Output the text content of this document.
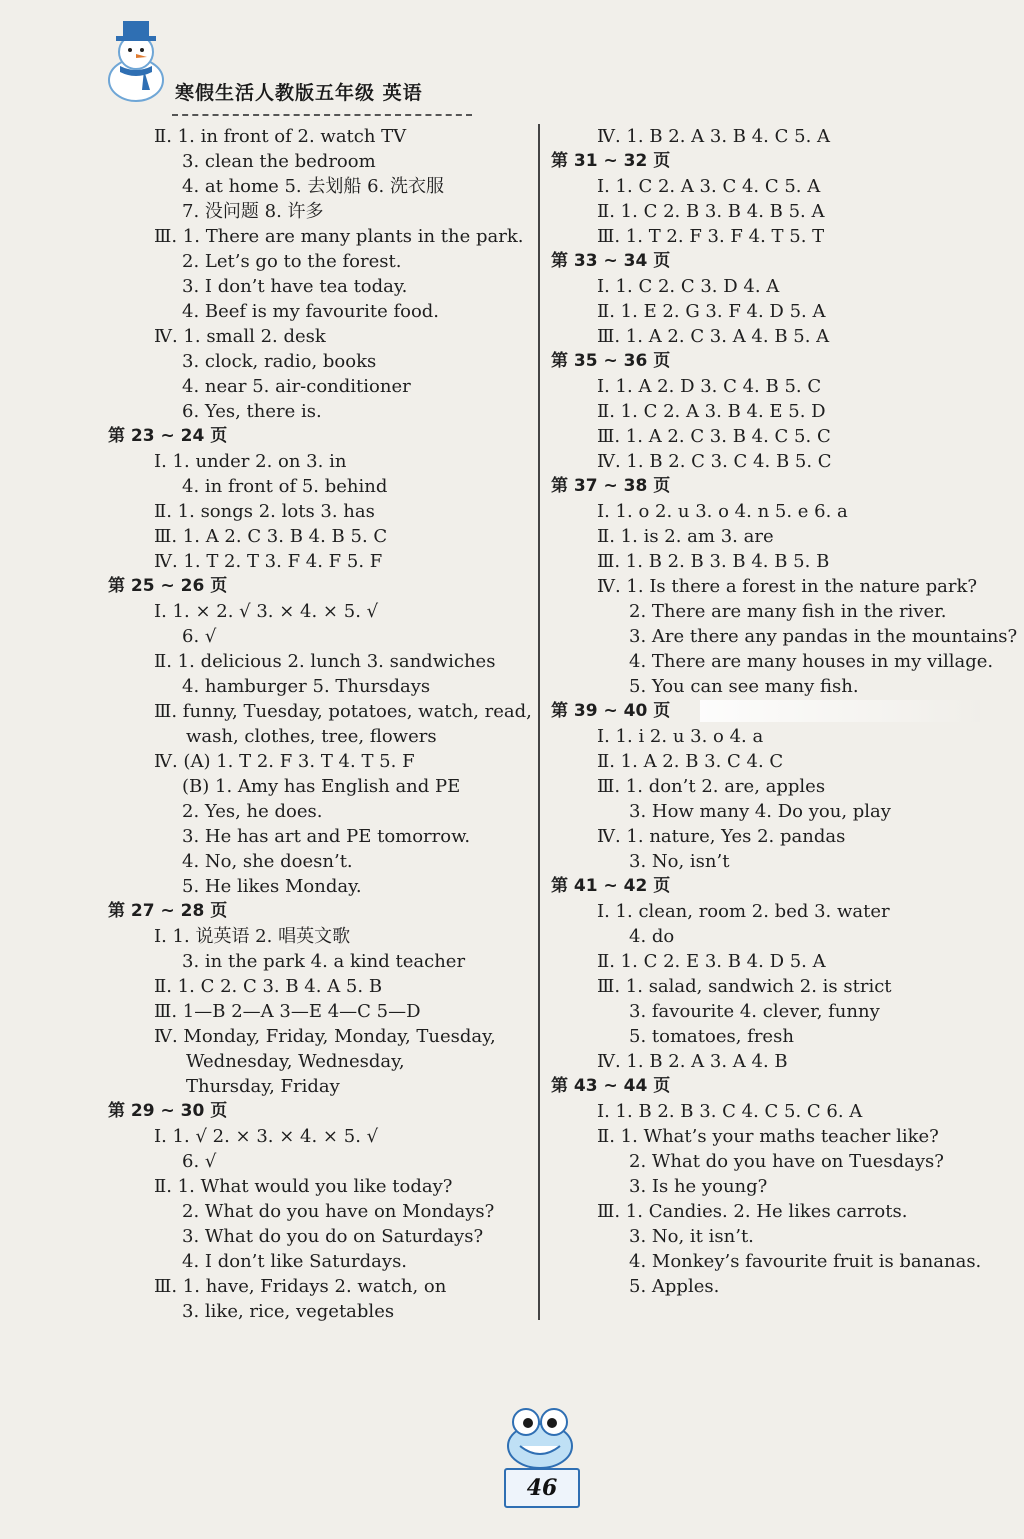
寒假生活人教版五年级 英语
Ⅱ. 1. in front of 2. watch TV
3. clean the bedroom
4. at home 5. 去划船 6. 洗衣服
7. 没问题 8. 许多
Ⅲ. 1. There are many plants in the park.
2. Let’s go to the forest.
3. I don’t have tea today.
4. Beef is my favourite food.
Ⅳ. 1. small 2. desk
3. clock, radio, books
4. near 5. air-conditioner
6. Yes, there is.
第 23 ~ 24 页
Ⅰ. 1. under 2. on 3. in
4. in front of 5. behind
Ⅱ. 1. songs 2. lots 3. has
Ⅲ. 1. A 2. C 3. B 4. B 5. C
Ⅳ. 1. T 2. T 3. F 4. F 5. F
第 25 ~ 26 页
Ⅰ. 1. × 2. √ 3. × 4. × 5. √
6. √
Ⅱ. 1. delicious 2. lunch 3. sandwiches
4. hamburger 5. Thursdays
Ⅲ. funny, Tuesday, potatoes, watch, read,
wash, clothes, tree, flowers
Ⅳ. (A) 1. T 2. F 3. T 4. T 5. F
(B) 1. Amy has English and PE
2. Yes, he does.
3. He has art and PE tomorrow.
4. No, she doesn’t.
5. He likes Monday.
第 27 ~ 28 页
Ⅰ. 1. 说英语 2. 唱英文歌
3. in the park 4. a kind teacher
Ⅱ. 1. C 2. C 3. B 4. A 5. B
Ⅲ. 1—B 2—A 3—E 4—C 5—D
Ⅳ. Monday, Friday, Monday, Tuesday,
Wednesday, Wednesday,
Thursday, Friday
第 29 ~ 30 页
Ⅰ. 1. √ 2. × 3. × 4. × 5. √
6. √
Ⅱ. 1. What would you like today?
2. What do you have on Mondays?
3. What do you do on Saturdays?
4. I don’t like Saturdays.
Ⅲ. 1. have, Fridays 2. watch, on
3. like, rice, vegetables
Ⅳ. 1. B 2. A 3. B 4. C 5. A
第 31 ~ 32 页
Ⅰ. 1. C 2. A 3. C 4. C 5. A
Ⅱ. 1. C 2. B 3. B 4. B 5. A
Ⅲ. 1. T 2. F 3. F 4. T 5. T
第 33 ~ 34 页
Ⅰ. 1. C 2. C 3. D 4. A
Ⅱ. 1. E 2. G 3. F 4. D 5. A
Ⅲ. 1. A 2. C 3. A 4. B 5. A
第 35 ~ 36 页
Ⅰ. 1. A 2. D 3. C 4. B 5. C
Ⅱ. 1. C 2. A 3. B 4. E 5. D
Ⅲ. 1. A 2. C 3. B 4. C 5. C
Ⅳ. 1. B 2. C 3. C 4. B 5. C
第 37 ~ 38 页
Ⅰ. 1. o 2. u 3. o 4. n 5. e 6. a
Ⅱ. 1. is 2. am 3. are
Ⅲ. 1. B 2. B 3. B 4. B 5. B
Ⅳ. 1. Is there a forest in the nature park?
2. There are many fish in the river.
3. Are there any pandas in the mountains?
4. There are many houses in my village.
5. You can see many fish.
第 39 ~ 40 页
Ⅰ. 1. i 2. u 3. o 4. a
Ⅱ. 1. A 2. B 3. C 4. C
Ⅲ. 1. don’t 2. are, apples
3. How many 4. Do you, play
Ⅳ. 1. nature, Yes 2. pandas
3. No, isn’t
第 41 ~ 42 页
Ⅰ. 1. clean, room 2. bed 3. water
4. do
Ⅱ. 1. C 2. E 3. B 4. D 5. A
Ⅲ. 1. salad, sandwich 2. is strict
3. favourite 4. clever, funny
5. tomatoes, fresh
Ⅳ. 1. B 2. A 3. A 4. B
第 43 ~ 44 页
Ⅰ. 1. B 2. B 3. C 4. C 5. C 6. A
Ⅱ. 1. What’s your maths teacher like?
2. What do you have on Tuesdays?
3. Is he young?
Ⅲ. 1. Candies. 2. He likes carrots.
3. No, it isn’t.
4. Monkey’s favourite fruit is bananas.
5. Apples.
46
